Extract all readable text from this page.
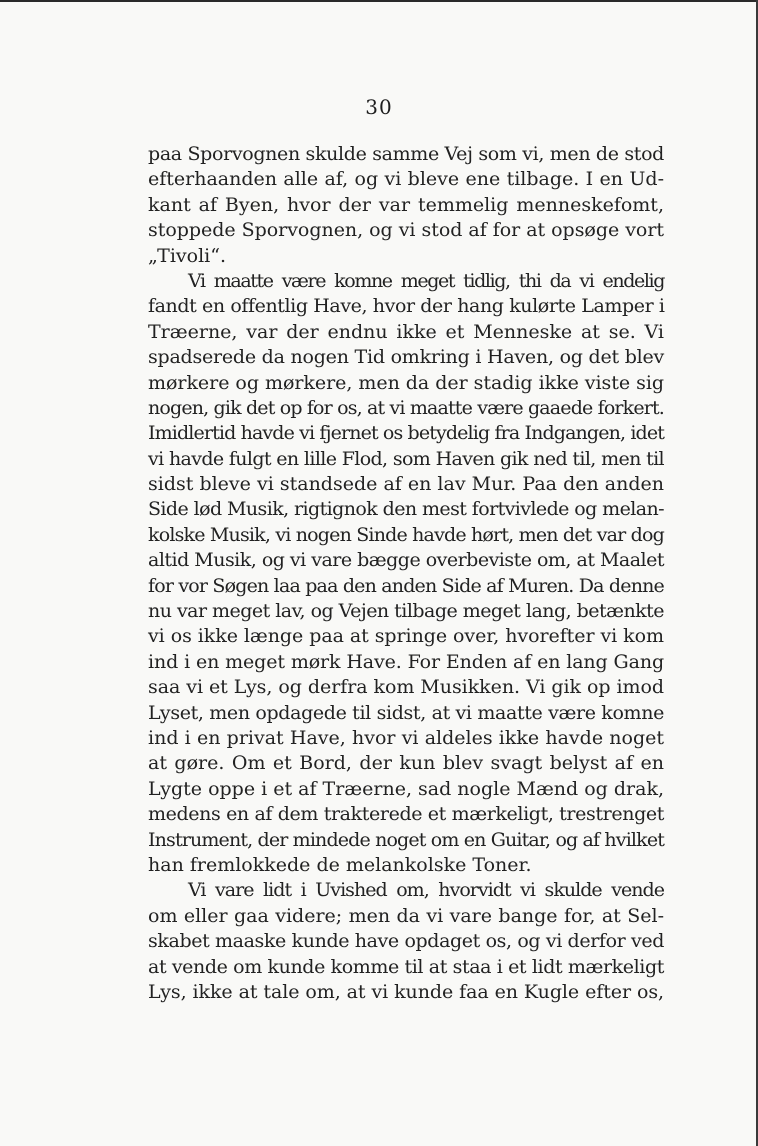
30
paa Sporvognen skulde samme Vej som vi, men de stod
efterhaanden alle af, og vi bleve ene tilbage. I en Ud-
kant af Byen, hvor der var temmelig menneskefomt,
stoppede Sporvognen, og vi stod af for at opsøge vort
„Tivoli“.
Vi maatte være komne meget tidlig, thi da vi endelig
fandt en offentlig Have, hvor der hang kulørte Lamper i
Træerne, var der endnu ikke et Menneske at se. Vi
spadserede da nogen Tid omkring i Haven, og det blev
mørkere og mørkere, men da der stadig ikke viste sig
nogen, gik det op for os, at vi maatte være gaaede forkert.
Imidlertid havde vi fjernet os betydelig fra Indgangen, idet
vi havde fulgt en lille Flod, som Haven gik ned til, men til
sidst bleve vi standsede af en lav Mur. Paa den anden
Side lød Musik, rigtignok den mest fortvivlede og melan-
kolske Musik, vi nogen Sinde havde hørt, men det var dog
altid Musik, og vi vare bægge overbeviste om, at Maalet
for vor Søgen laa paa den anden Side af Muren. Da denne
nu var meget lav, og Vejen tilbage meget lang, betænkte
vi os ikke længe paa at springe over, hvorefter vi kom
ind i en meget mørk Have. For Enden af en lang Gang
saa vi et Lys, og derfra kom Musikken. Vi gik op imod
Lyset, men opdagede til sidst, at vi maatte være komne
ind i en privat Have, hvor vi aldeles ikke havde noget
at gøre. Om et Bord, der kun blev svagt belyst af en
Lygte oppe i et af Træerne, sad nogle Mænd og drak,
medens en af dem trakterede et mærkeligt, trestrenget
Instrument, der mindede noget om en Guitar, og af hvilket
han fremlokkede de melankolske Toner.
Vi vare lidt i Uvished om, hvorvidt vi skulde vende
om eller gaa videre; men da vi vare bange for, at Sel-
skabet maaske kunde have opdaget os, og vi derfor ved
at vende om kunde komme til at staa i et lidt mærkeligt
Lys, ikke at tale om, at vi kunde faa en Kugle efter os,
